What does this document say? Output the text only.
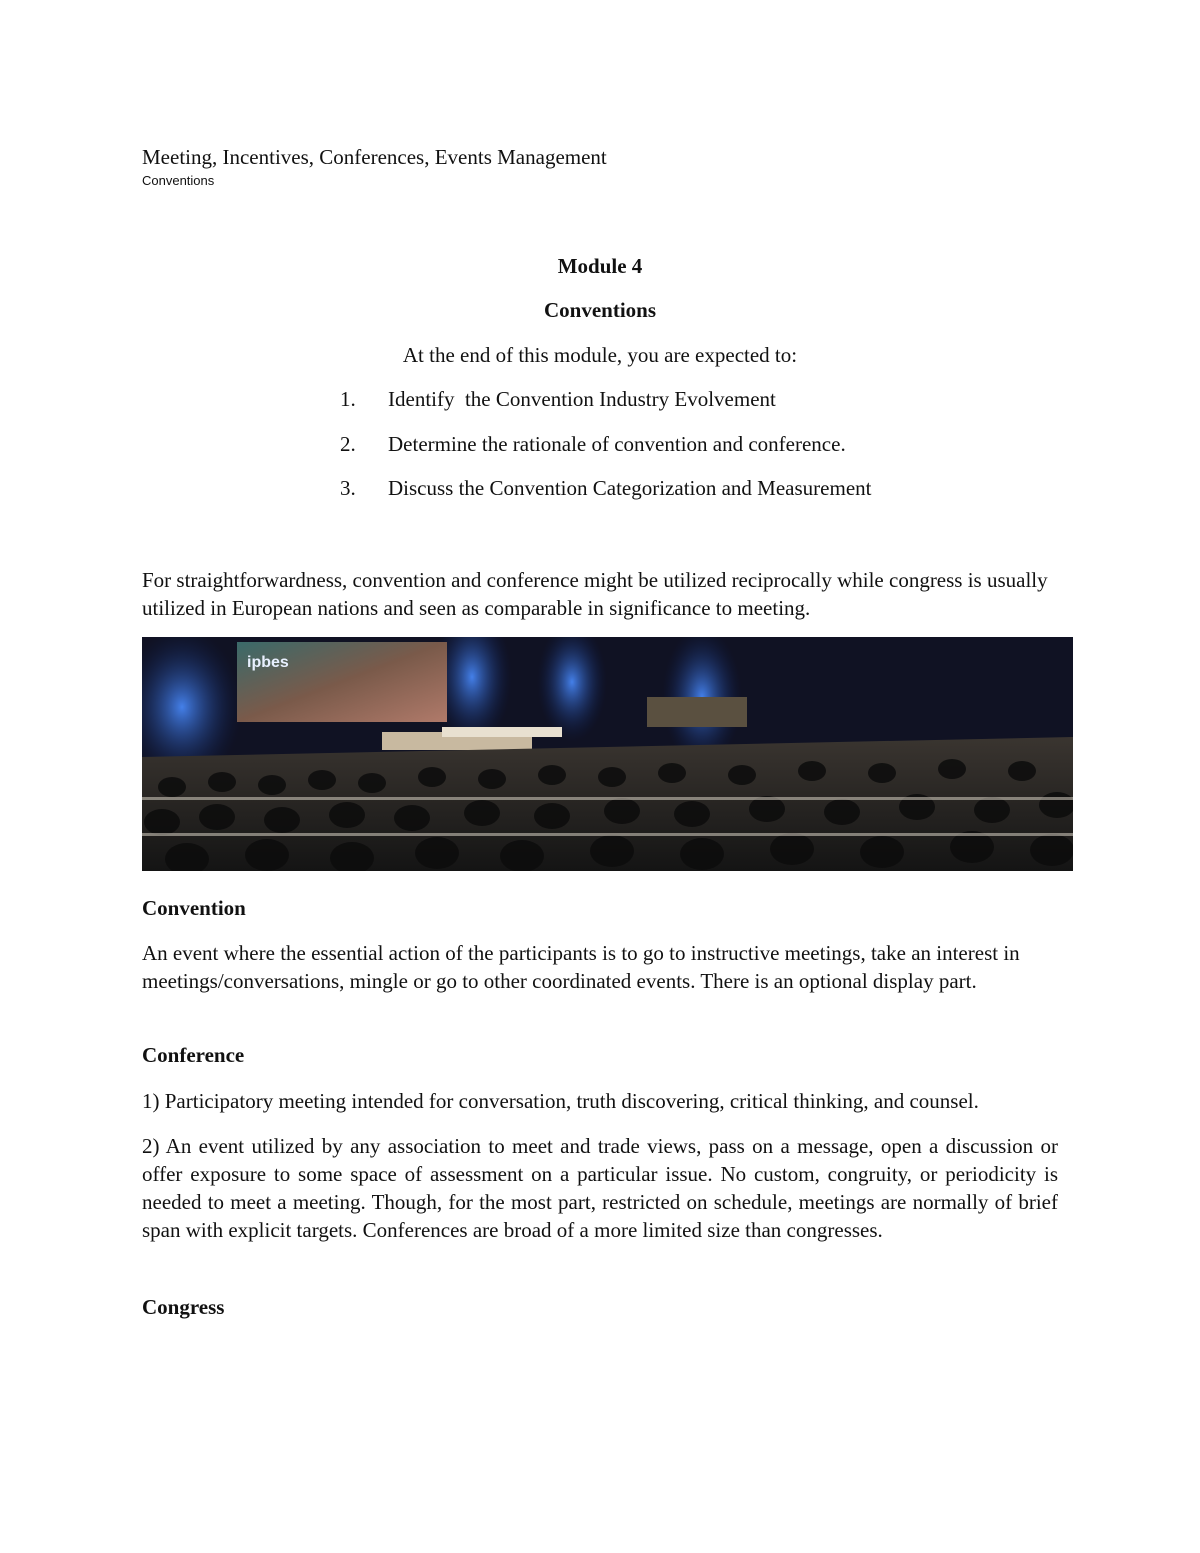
Meeting, Incentives, Conferences, Events Management
Conventions
Module 4
Conventions
At the end of this module, you are expected to:
1.	Identify  the Convention Industry Evolvement
2.	Determine the rationale of convention and conference.
3.	Discuss the Convention Categorization and Measurement

For straightforwardness, convention and conference might be utilized reciprocally while congress is usually utilized in European nations and seen as comparable in significance to meeting.

ipbes
Convention

An event where the essential action of the participants is to go to instructive meetings, take an interest in meetings/conversations, mingle or go to other coordinated events. There is an optional display part.

Conference

1) Participatory meeting intended for conversation, truth discovering, critical thinking, and counsel.

2) An event utilized by any association to meet and trade views, pass on a message, open a discussion or offer exposure to some space of assessment on a particular issue. No custom, congruity, or periodicity is needed to meet a meeting. Though, for the most part, restricted on schedule, meetings are normally of brief span with explicit targets. Conferences are broad of a more limited size than congresses.

Congress
